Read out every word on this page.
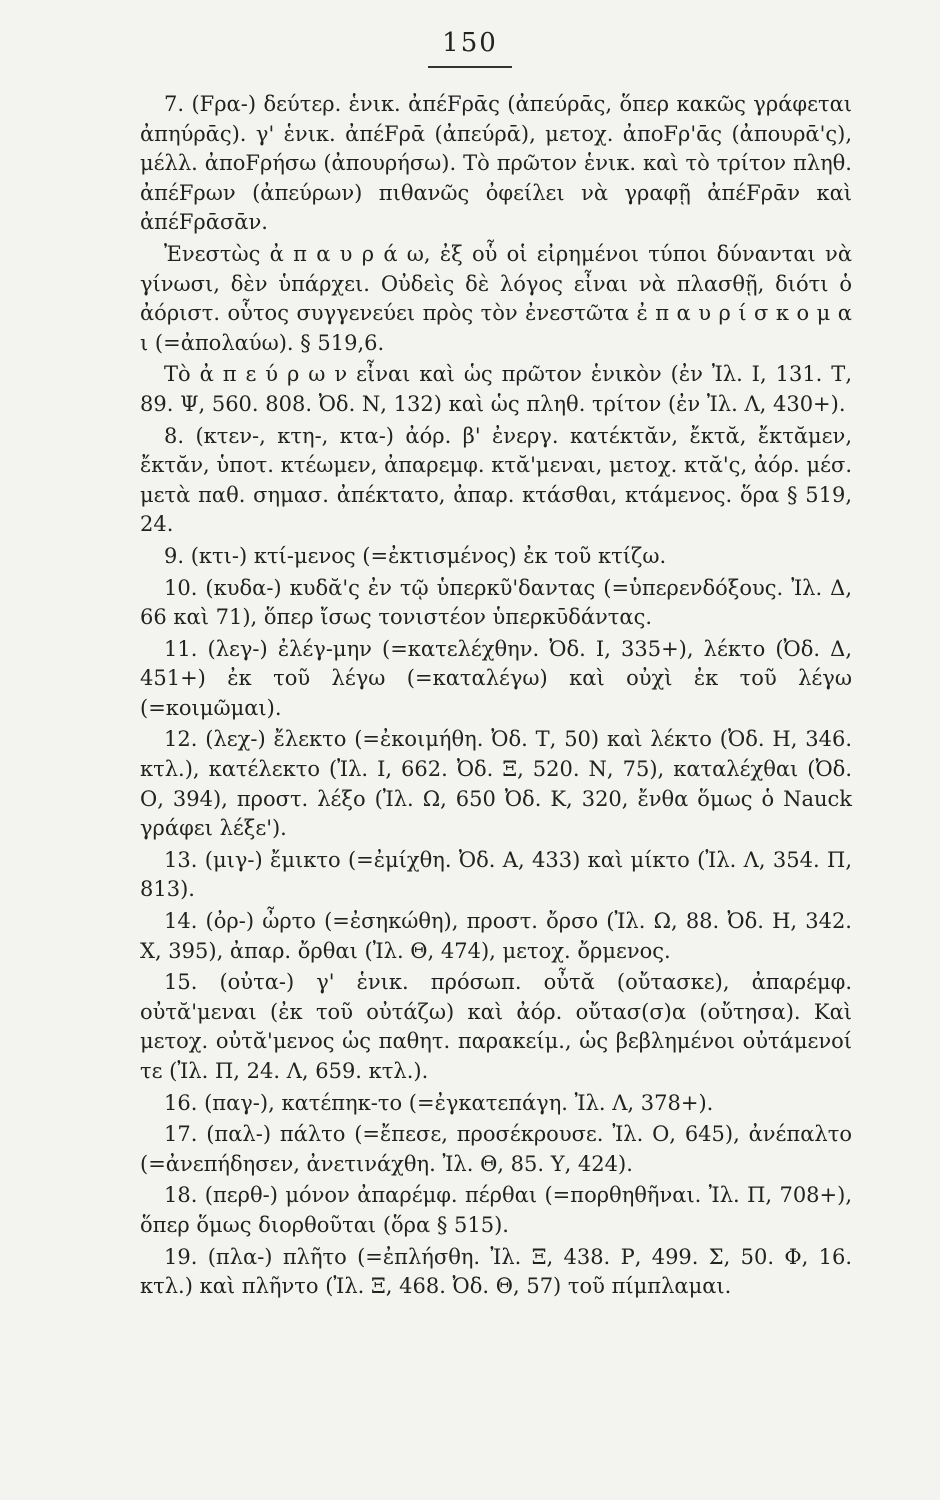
150

7. (Fρα-) δεύτερ. ἑνικ. ἀπέFρᾱς (ἀπεύρᾱς, ὅπερ κακῶς γράφεται ἀπηύρᾱς). γ' ἑνικ. ἀπέFρᾱ (ἀπεύρᾱ), μετοχ. ἀποFρ'ᾱς (ἀπουρᾱ'ς), μέλλ. ἀποFρήσω (ἀπουρήσω). Τὸ πρῶτον ἑνικ. καὶ τὸ τρίτον πληθ. ἀπέFρων (ἀπεύρων) πιθανῶς ὀφείλει νὰ γραφῇ ἀπέFρᾱν καὶ ἀπέFρᾱσᾱν.

Ἐνεστὼς ἀ π α υ ρ ά ω, ἐξ οὗ οἱ εἰρημένοι τύποι δύνανται νὰ γίνωσι, δὲν ὑπάρχει. Οὐδεὶς δὲ λόγος εἶναι νὰ πλασθῇ, διότι ὁ ἀόριστ. οὗτος συγγενεύει πρὸς τὸν ἐνεστῶτα ἐ π α υ ρ ί σ κ ο μ α ι (=ἀπολαύω). § 519,6.

Τὸ ἀ π ε ύ ρ ω ν εἶναι καὶ ὡς πρῶτον ἑνικὸν (ἐν Ἰλ. Ι, 131. Τ, 89. Ψ, 560. 808. Ὀδ. Ν, 132) καὶ ὡς πληθ. τρίτον (ἐν Ἰλ. Λ, 430+).

8. (κτεν-, κτη-, κτα-) ἀόρ. β' ἐνεργ. κατέκτᾰν, ἔκτᾰ, ἔκτᾰμεν, ἔκτᾰν, ὑποτ. κτέωμεν, ἀπαρεμφ. κτᾰ'μεναι, μετοχ. κτᾰ'ς, ἀόρ. μέσ. μετὰ παθ. σημασ. ἀπέκτατο, ἀπαρ. κτάσθαι, κτάμενος. ὅρα § 519, 24.

9. (κτι-) κτί-μενος (=ἐκτισμένος) ἐκ τοῦ κτίζω.

10. (κυδα-) κυδᾰ'ς ἐν τῷ ὑπερκῦ'δαντας (=ὑπερενδόξους. Ἰλ. Δ, 66 καὶ 71), ὅπερ ἴσως τονιστέον ὑπερκῡδάντας.

11. (λεγ-) ἐλέγ-μην (=κατελέχθην. Ὀδ. Ι, 335+), λέκτο (Ὀδ. Δ, 451+) ἐκ τοῦ λέγω (=καταλέγω) καὶ οὐχὶ ἐκ τοῦ λέγω (=κοιμῶμαι).

12. (λεχ-) ἔλεκτο (=ἐκοιμήθη. Ὀδ. Τ, 50) καὶ λέκτο (Ὀδ. Η, 346. κτλ.), κατέλεκτο (Ἰλ. Ι, 662. Ὀδ. Ξ, 520. Ν, 75), καταλέχθαι (Ὀδ. Ο, 394), προστ. λέξο (Ἰλ. Ω, 650 Ὀδ. Κ, 320, ἔνθα ὅμως ὁ Nauck γράφει λέξε').

13. (μιγ-) ἔμικτο (=ἐμίχθη. Ὀδ. Α, 433) καὶ μίκτο (Ἰλ. Λ, 354. Π, 813).

14. (ὀρ-) ὦρτο (=ἐσηκώθη), προστ. ὄρσο (Ἰλ. Ω, 88. Ὀδ. Η, 342. Χ, 395), ἀπαρ. ὄρθαι (Ἰλ. Θ, 474), μετοχ. ὄρμενος.

15. (οὐτα-) γ' ἑνικ. πρόσωπ. οὖτᾰ (οὔτασκε), ἀπαρέμφ. οὐτᾰ'μεναι (ἐκ τοῦ οὐτάζω) καὶ ἀόρ. οὔτασ(σ)α (οὔτησα). Καὶ μετοχ. οὐτᾰ'μενος ὡς παθητ. παρακείμ., ὡς βεβλημένοι οὐτάμενοί τε (Ἰλ. Π, 24. Λ, 659. κτλ.).

16. (παγ-), κατέπηκ-το (=ἐγκατεπάγη. Ἰλ. Λ, 378+).

17. (παλ-) πάλτο (=ἔπεσε, προσέκρουσε. Ἰλ. Ο, 645), ἀνέπαλτο (=ἀνεπήδησεν, ἀνετινάχθη. Ἰλ. Θ, 85. Υ, 424).

18. (περθ-) μόνον ἀπαρέμφ. πέρθαι (=πορθηθῆναι. Ἰλ. Π, 708+), ὅπερ ὅμως διορθοῦται (ὅρα § 515).

19. (πλα-) πλῆτο (=ἐπλήσθη. Ἰλ. Ξ, 438. Ρ, 499. Σ, 50. Φ, 16. κτλ.) καὶ πλῆντο (Ἰλ. Ξ, 468. Ὀδ. Θ, 57) τοῦ πίμπλαμαι.
